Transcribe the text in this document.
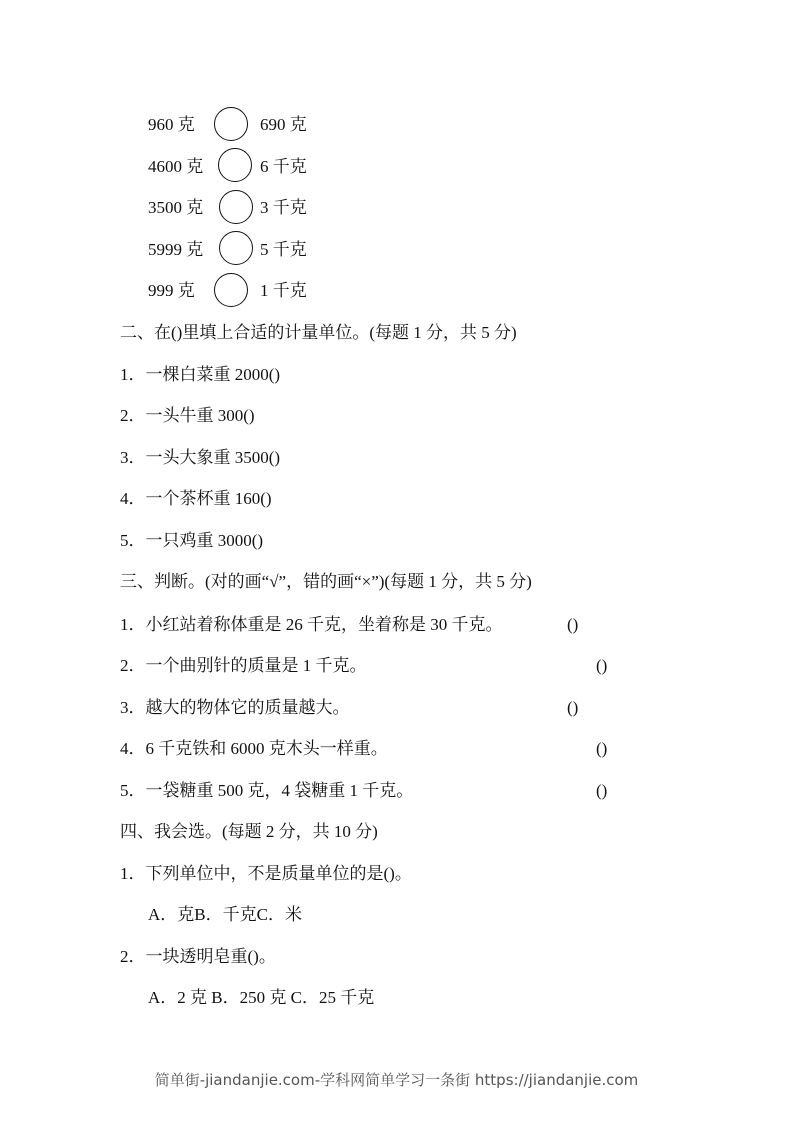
960 克	690 克
4600 克	6 千克
3500 克	3 千克
5999 克	5 千克
999 克	1 千克
二、在()里填上合适的计量单位。(每题 1 分，共 5 分)
1．一棵白菜重 2000()
2．一头牛重 300()
3．一头大象重 3500()
4．一个茶杯重 160()
5．一只鸡重 3000()
三、判断。(对的画“√”，错的画“×”)(每题 1 分，共 5 分)
1．小红站着称体重是 26 千克，坐着称是 30 千克。	()
2．一个曲别针的质量是 1 千克。	()
3．越大的物体它的质量越大。	()
4．6 千克铁和 6000 克木头一样重。	()
5．一袋糖重 500 克，4 袋糖重 1 千克。	()
四、我会选。(每题 2 分，共 10 分)
1．下列单位中，不是质量单位的是()。
A．克B．千克C．米
2．一块透明皂重()。
A．2 克 B．250 克 C．25 千克
简单街-jiandanjie.com-学科网简单学习一条街 https://jiandanjie.com
